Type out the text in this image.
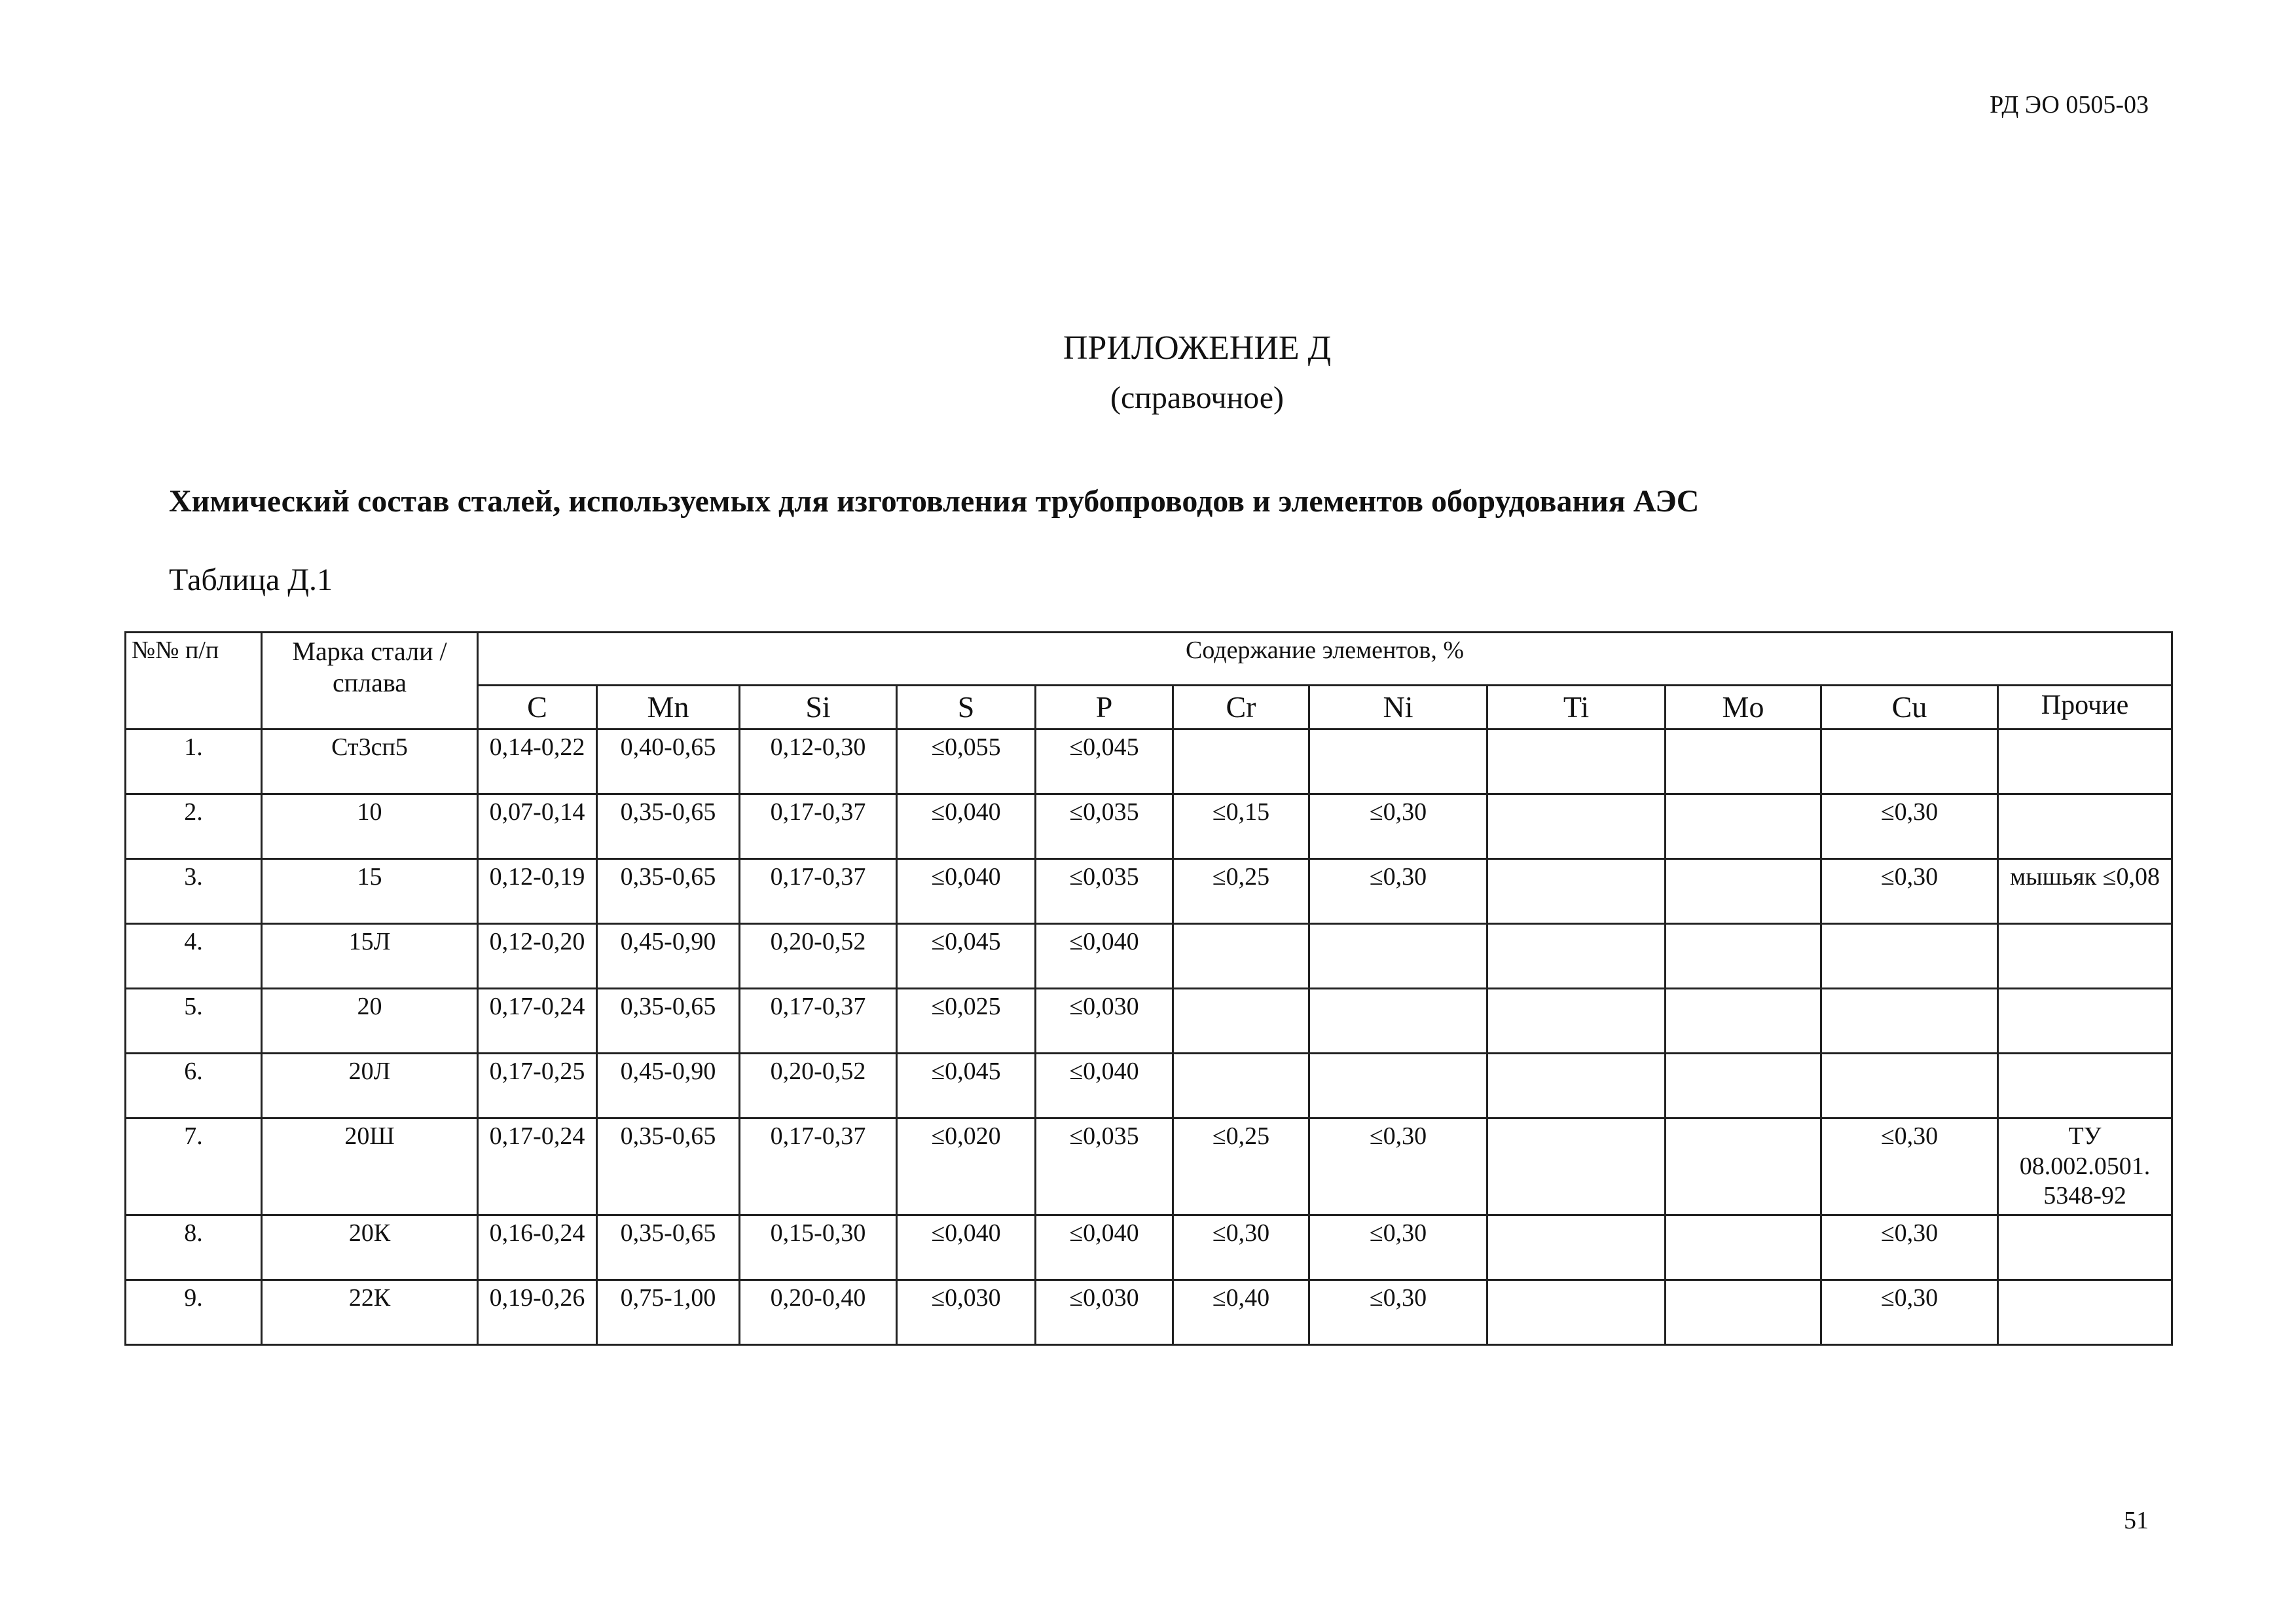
РД ЭО 0505-03
ПРИЛОЖЕНИЕ Д
(справочное)
Химический состав сталей, используемых для изготовления трубопроводов и элементов оборудования АЭС
Таблица Д.1
№№ п/п	Марка стали / сплава	Содержание элементов, %										
		C	Mn	Si	S	P	Cr	Ni	Ti	Mo	Cu	Прочие
1.	Ст3сп5	0,14-0,22	0,40-0,65	0,12-0,30	≤0,055	≤0,045						
2.	10	0,07-0,14	0,35-0,65	0,17-0,37	≤0,040	≤0,035	≤0,15	≤0,30			≤0,30	
3.	15	0,12-0,19	0,35-0,65	0,17-0,37	≤0,040	≤0,035	≤0,25	≤0,30			≤0,30	мышьяк ≤0,08
4.	15Л	0,12-0,20	0,45-0,90	0,20-0,52	≤0,045	≤0,040						
5.	20	0,17-0,24	0,35-0,65	0,17-0,37	≤0,025	≤0,030						
6.	20Л	0,17-0,25	0,45-0,90	0,20-0,52	≤0,045	≤0,040						
7.	20Ш	0,17-0,24	0,35-0,65	0,17-0,37	≤0,020	≤0,035	≤0,25	≤0,30			≤0,30	ТУ 08.002.0501. 5348-92
8.	20К	0,16-0,24	0,35-0,65	0,15-0,30	≤0,040	≤0,040	≤0,30	≤0,30			≤0,30	
9.	22К	0,19-0,26	0,75-1,00	0,20-0,40	≤0,030	≤0,030	≤0,40	≤0,30			≤0,30	
51
